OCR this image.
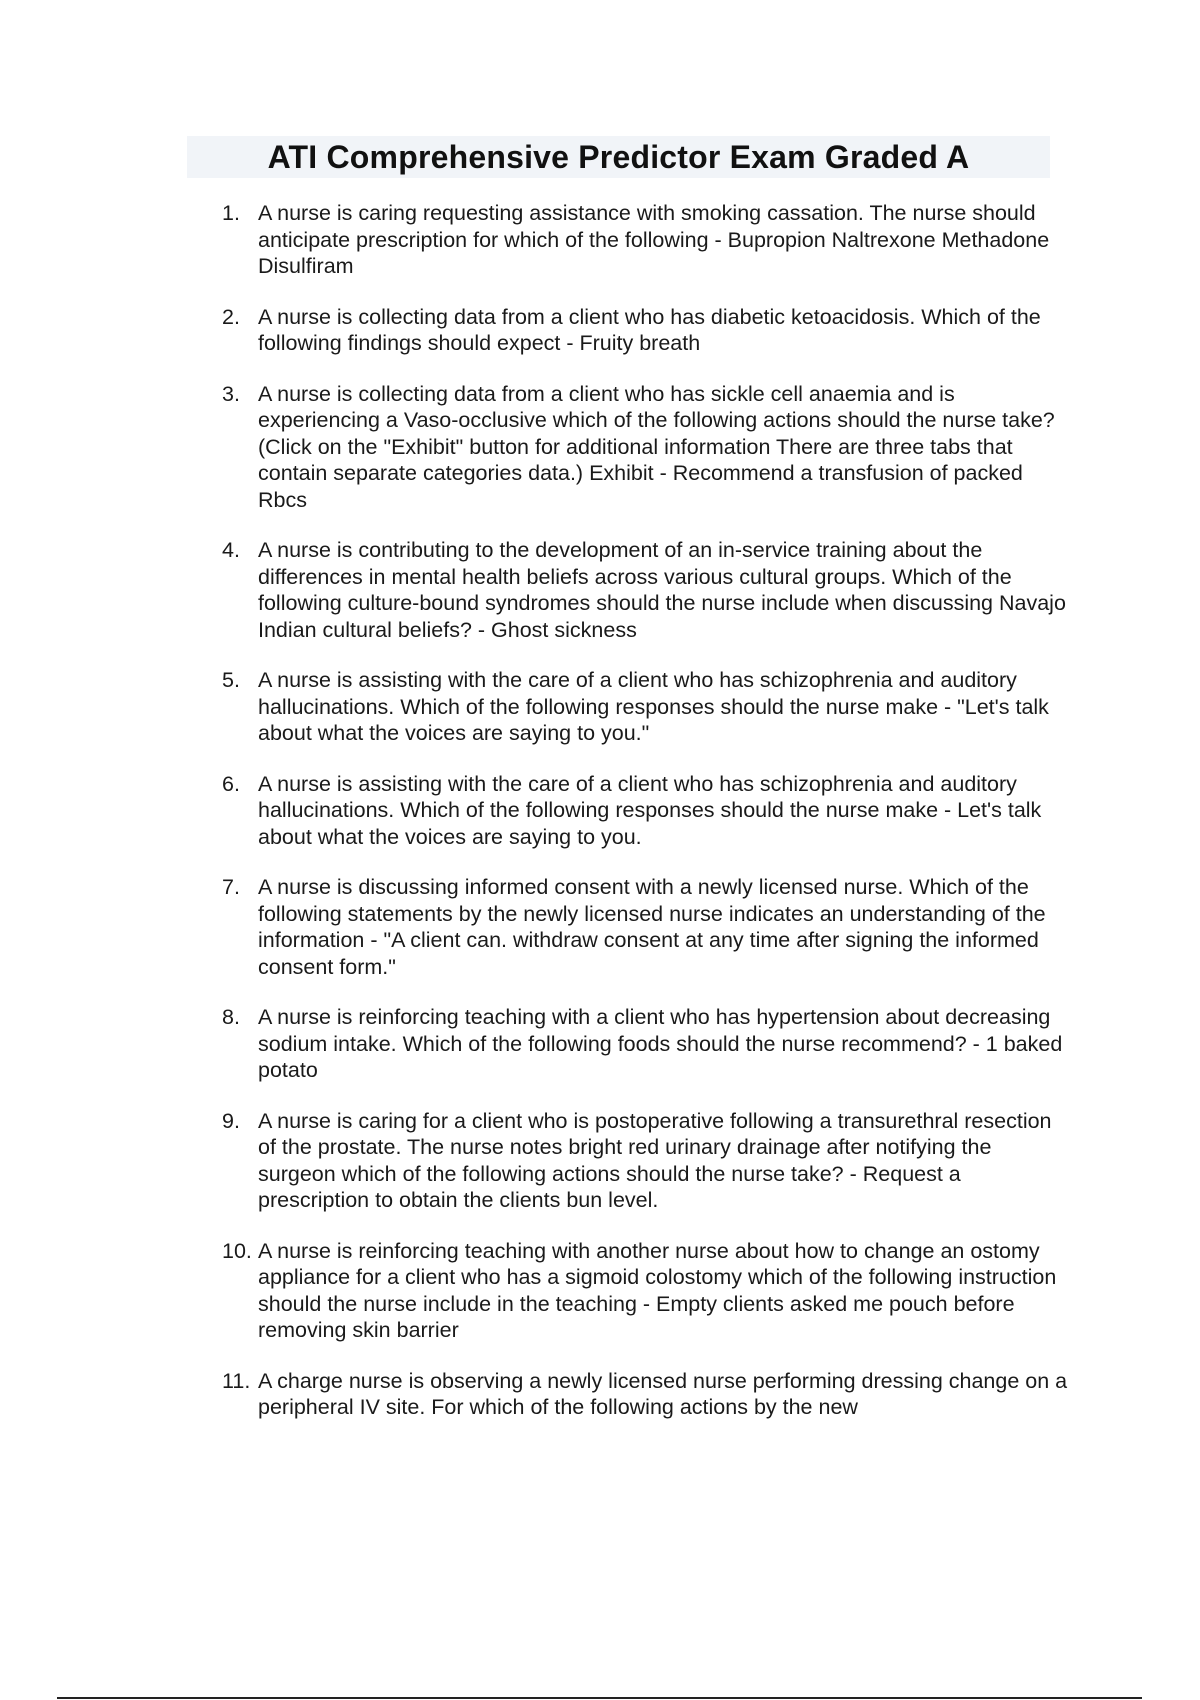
ATI Comprehensive Predictor Exam Graded A
1. A nurse is caring requesting assistance with smoking cassation. The nurse should anticipate prescription for which of the following - Bupropion Naltrexone Methadone Disulfiram
2. A nurse is collecting data from a client who has diabetic ketoacidosis. Which of the following findings should expect - Fruity breath
3. A nurse is collecting data from a client who has sickle cell anaemia and is experiencing a Vaso-occlusive which of the following actions should the nurse take? (Click on the "Exhibit" button for additional information There are three tabs that contain separate categories data.) Exhibit - Recommend a transfusion of packed Rbcs
4. A nurse is contributing to the development of an in-service training about the differences in mental health beliefs across various cultural groups. Which of the following culture-bound syndromes should the nurse include when discussing Navajo Indian cultural beliefs? - Ghost sickness
5. A nurse is assisting with the care of a client who has schizophrenia and auditory hallucinations. Which of the following responses should the nurse make - "Let's talk about what the voices are saying to you."
6. A nurse is assisting with the care of a client who has schizophrenia and auditory hallucinations. Which of the following responses should the nurse make - Let's talk about what the voices are saying to you.
7. A nurse is discussing informed consent with a newly licensed nurse. Which of the following statements by the newly licensed nurse indicates an understanding of the information - "A client can. withdraw consent at any time after signing the informed consent form."
8. A nurse is reinforcing teaching with a client who has hypertension about decreasing sodium intake. Which of the following foods should the nurse recommend? - 1 baked potato
9. A nurse is caring for a client who is postoperative following a transurethral resection of the prostate. The nurse notes bright red urinary drainage after notifying the surgeon which of the following actions should the nurse take? - Request a prescription to obtain the clients bun level.
10. A nurse is reinforcing teaching with another nurse about how to change an ostomy appliance for a client who has a sigmoid colostomy which of the following instruction should the nurse include in the teaching - Empty clients asked me pouch before removing skin barrier
11. A charge nurse is observing a newly licensed nurse performing dressing change on a peripheral IV site. For which of the following actions by the new
